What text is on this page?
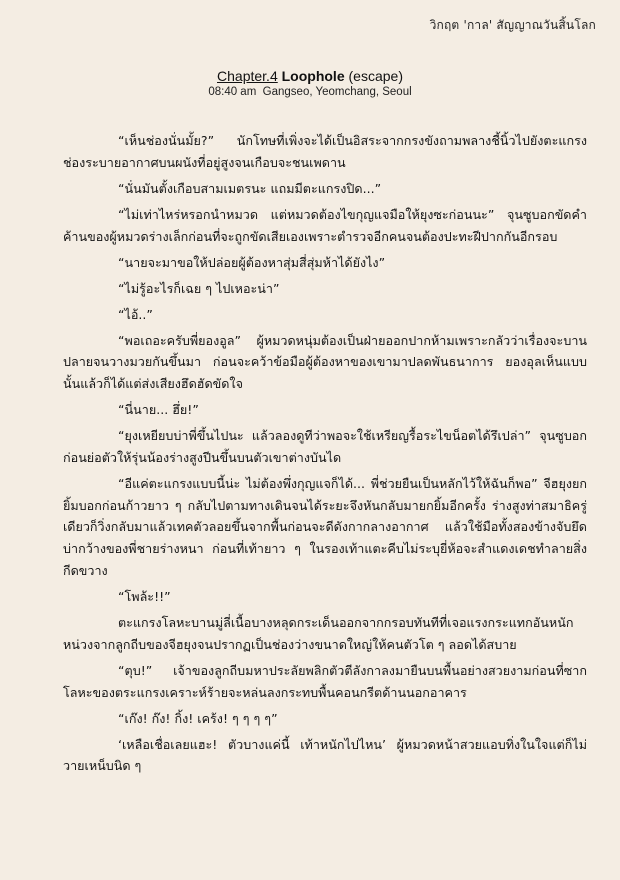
วิกฤต 'กาล' สัญญาณวันสิ้นโลก
Chapter.4 Loophole (escape)
08:40 am Gangseo, Yeomchang, Seoul

“เห็นช่องนั่นมั้ย?” นักโทษที่เพิ่งจะได้เป็นอิสระจากกรงขังถามพลางชี้นิ้วไปยังตะแกรงช่องระบายอากาศบนผนังที่อยู่สูงจนเกือบจะชนเพดาน

“นั่นมันตั้งเกือบสามเมตรนะ แถมมีตะแกรงปิด...”

“ไม่เท่าไหร่หรอกนำหมวด แต่หมวดต้องไขกุญแจมือให้ยุงซะก่อนนะ” จุนซูบอกขัดคำค้านของผู้หมวดร่างเล็กก่อนที่จะถูกขัดเสียเองเพราะตำรวจอีกคนจนต้องปะทะฝีปากกันอีกรอบ

“นายจะมาขอให้ปล่อยผู้ต้องหาสุ่มสี่สุ่มห้าได้ยังไง”

“ไม่รู้อะไรก็เฉย ๆ ไปเหอะน่า”

“ไอ้..”

“พอเถอะครับพี่ยองอูล” ผู้หมวดหนุ่มต้องเป็นฝ่ายออกปากห้ามเพราะกลัวว่าเรื่องจะบานปลายจนวางมวยกันขึ้นมา ก่อนจะคว้าข้อมือผู้ต้องหาของเขามาปลดพันธนาการ ยองอุลเห็นแบบนั้นแล้วก็ได้แต่ส่งเสียงฮึดฮัดขัดใจ

“นี่นาย... ฮึ่ย!”

“ยุงเหยียบบ่าพี่ขึ้นไปนะ แล้วลองดูทีว่าพอจะใช้เหรียญรื้อระไขน็อตได้รึเปล่า” จุนซูบอกก่อนย่อตัวให้รุ่นน้องร่างสูงปีนขึ้นบนตัวเขาต่างบันได

“อีแค่ตะแกรงแบบนี้น่ะ ไม่ต้องพึ่งกุญแจก็ได้... พี่ช่วยยืนเป็นหลักไว้ให้ฉันก็พอ” จีฮยุงยกยิ้มบอกก่อนก้าวยาว ๆ กลับไปตามทางเดินจนได้ระยะจึงหันกลับมายกยิ้มอีกครั้ง ร่างสูงท่าสมาธิครู่เดียวก็วิ่งกลับมาแล้วเทคตัวลอยขึ้นจากพื้นก่อนจะดีดังกากลางอากาศ แล้วใช้มือทั้งสองข้างจับยึดบ่ากว้างของพี่ชายร่างหนา ก่อนที่เท้ายาว ๆ ในรองเท้าแตะคีบไม่ระบุยี่ห้อจะสำแดงเดชทำลายสิ่งกีดขวาง

“โพล้ะ!!”

ตะแกรงโลหะบานมู่ลี่เนื้อบางหลุดกระเด็นออกจากกรอบทันทีที่เจอแรงกระแทกอันหนักหน่วงจากลูกถีบของจีฮยุงจนปรากฏเป็นช่องว่างขนาดใหญ่ให้คนตัวโต ๆ ลอดได้สบาย

“ตุบ!” เจ้าของลูกถีบมหาประลัยพลิกตัวตีลังกาลงมายืนบนพื้นอย่างสวยงามก่อนที่ซากโลหะของตระแกรงเคราะห์ร้ายจะหล่นลงกระทบพื้นคอนกรีตด้านนอกอาคาร

“เก๊ง! ก๊ง! กิ้ง! เคร้ง! ๆ ๆ ๆ ๆ”

‘เหลือเชื่อเลยแฮะ! ตัวบางแค่นี้ เท้าหนักไปไหน’ ผู้หมวดหน้าสวยแอบทิ่งในใจแต่ก็ไม่วายเหน็บนิด ๆ
